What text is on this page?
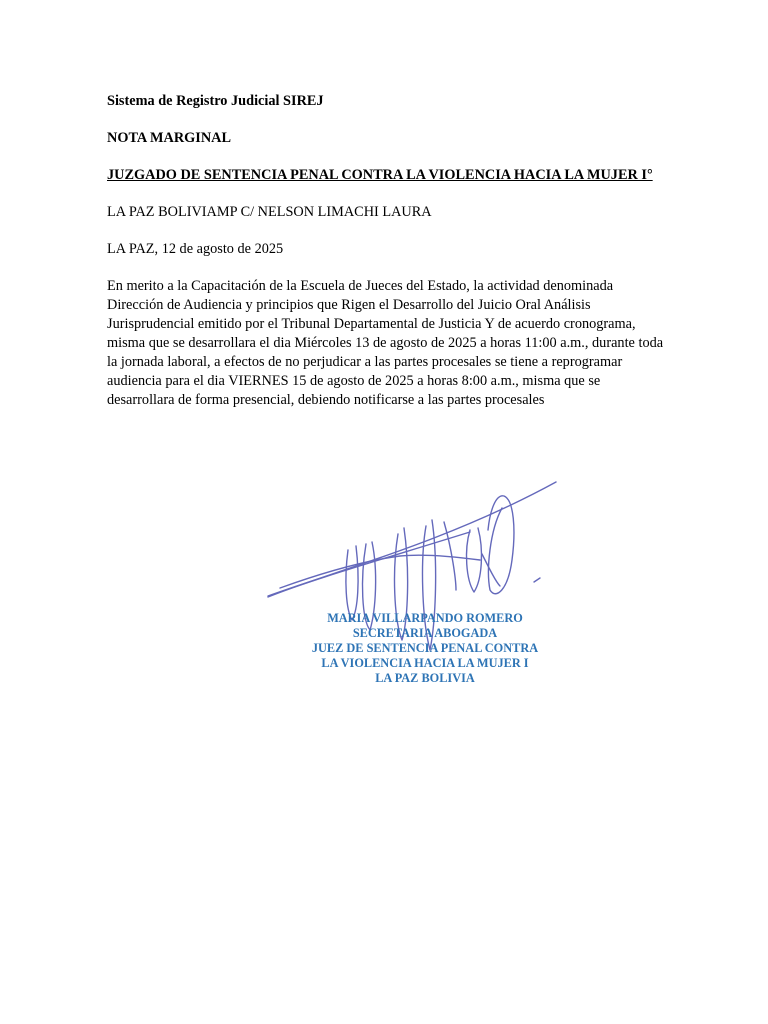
Sistema de Registro Judicial SIREJ
NOTA MARGINAL
JUZGADO DE SENTENCIA PENAL CONTRA LA VIOLENCIA HACIA LA MUJER I°
LA PAZ BOLIVIAMP C/ NELSON LIMACHI LAURA
LA PAZ, 12 de agosto de 2025

En merito a la Capacitación de la Escuela de Jueces del Estado, la actividad denominada Dirección de Audiencia y principios que Rigen el Desarrollo del Juicio Oral Análisis Jurisprudencial emitido por el Tribunal Departamental de Justicia Y de acuerdo cronograma, misma que se desarrollara el dia Miércoles 13 de agosto de 2025 a horas 11:00 a.m., durante toda la jornada laboral, a efectos de no perjudicar a las partes procesales se tiene a reprogramar audiencia para el dia VIERNES 15 de agosto de 2025 a horas 8:00 a.m., misma que se desarrollara de forma presencial, debiendo notificarse a las partes procesales

MARIA VILLARPANDO ROMERO
SECRETARIA ABOGADA
JUEZ DE SENTENCIA PENAL CONTRA
LA VIOLENCIA HACIA LA MUJER I
LA PAZ BOLIVIA
